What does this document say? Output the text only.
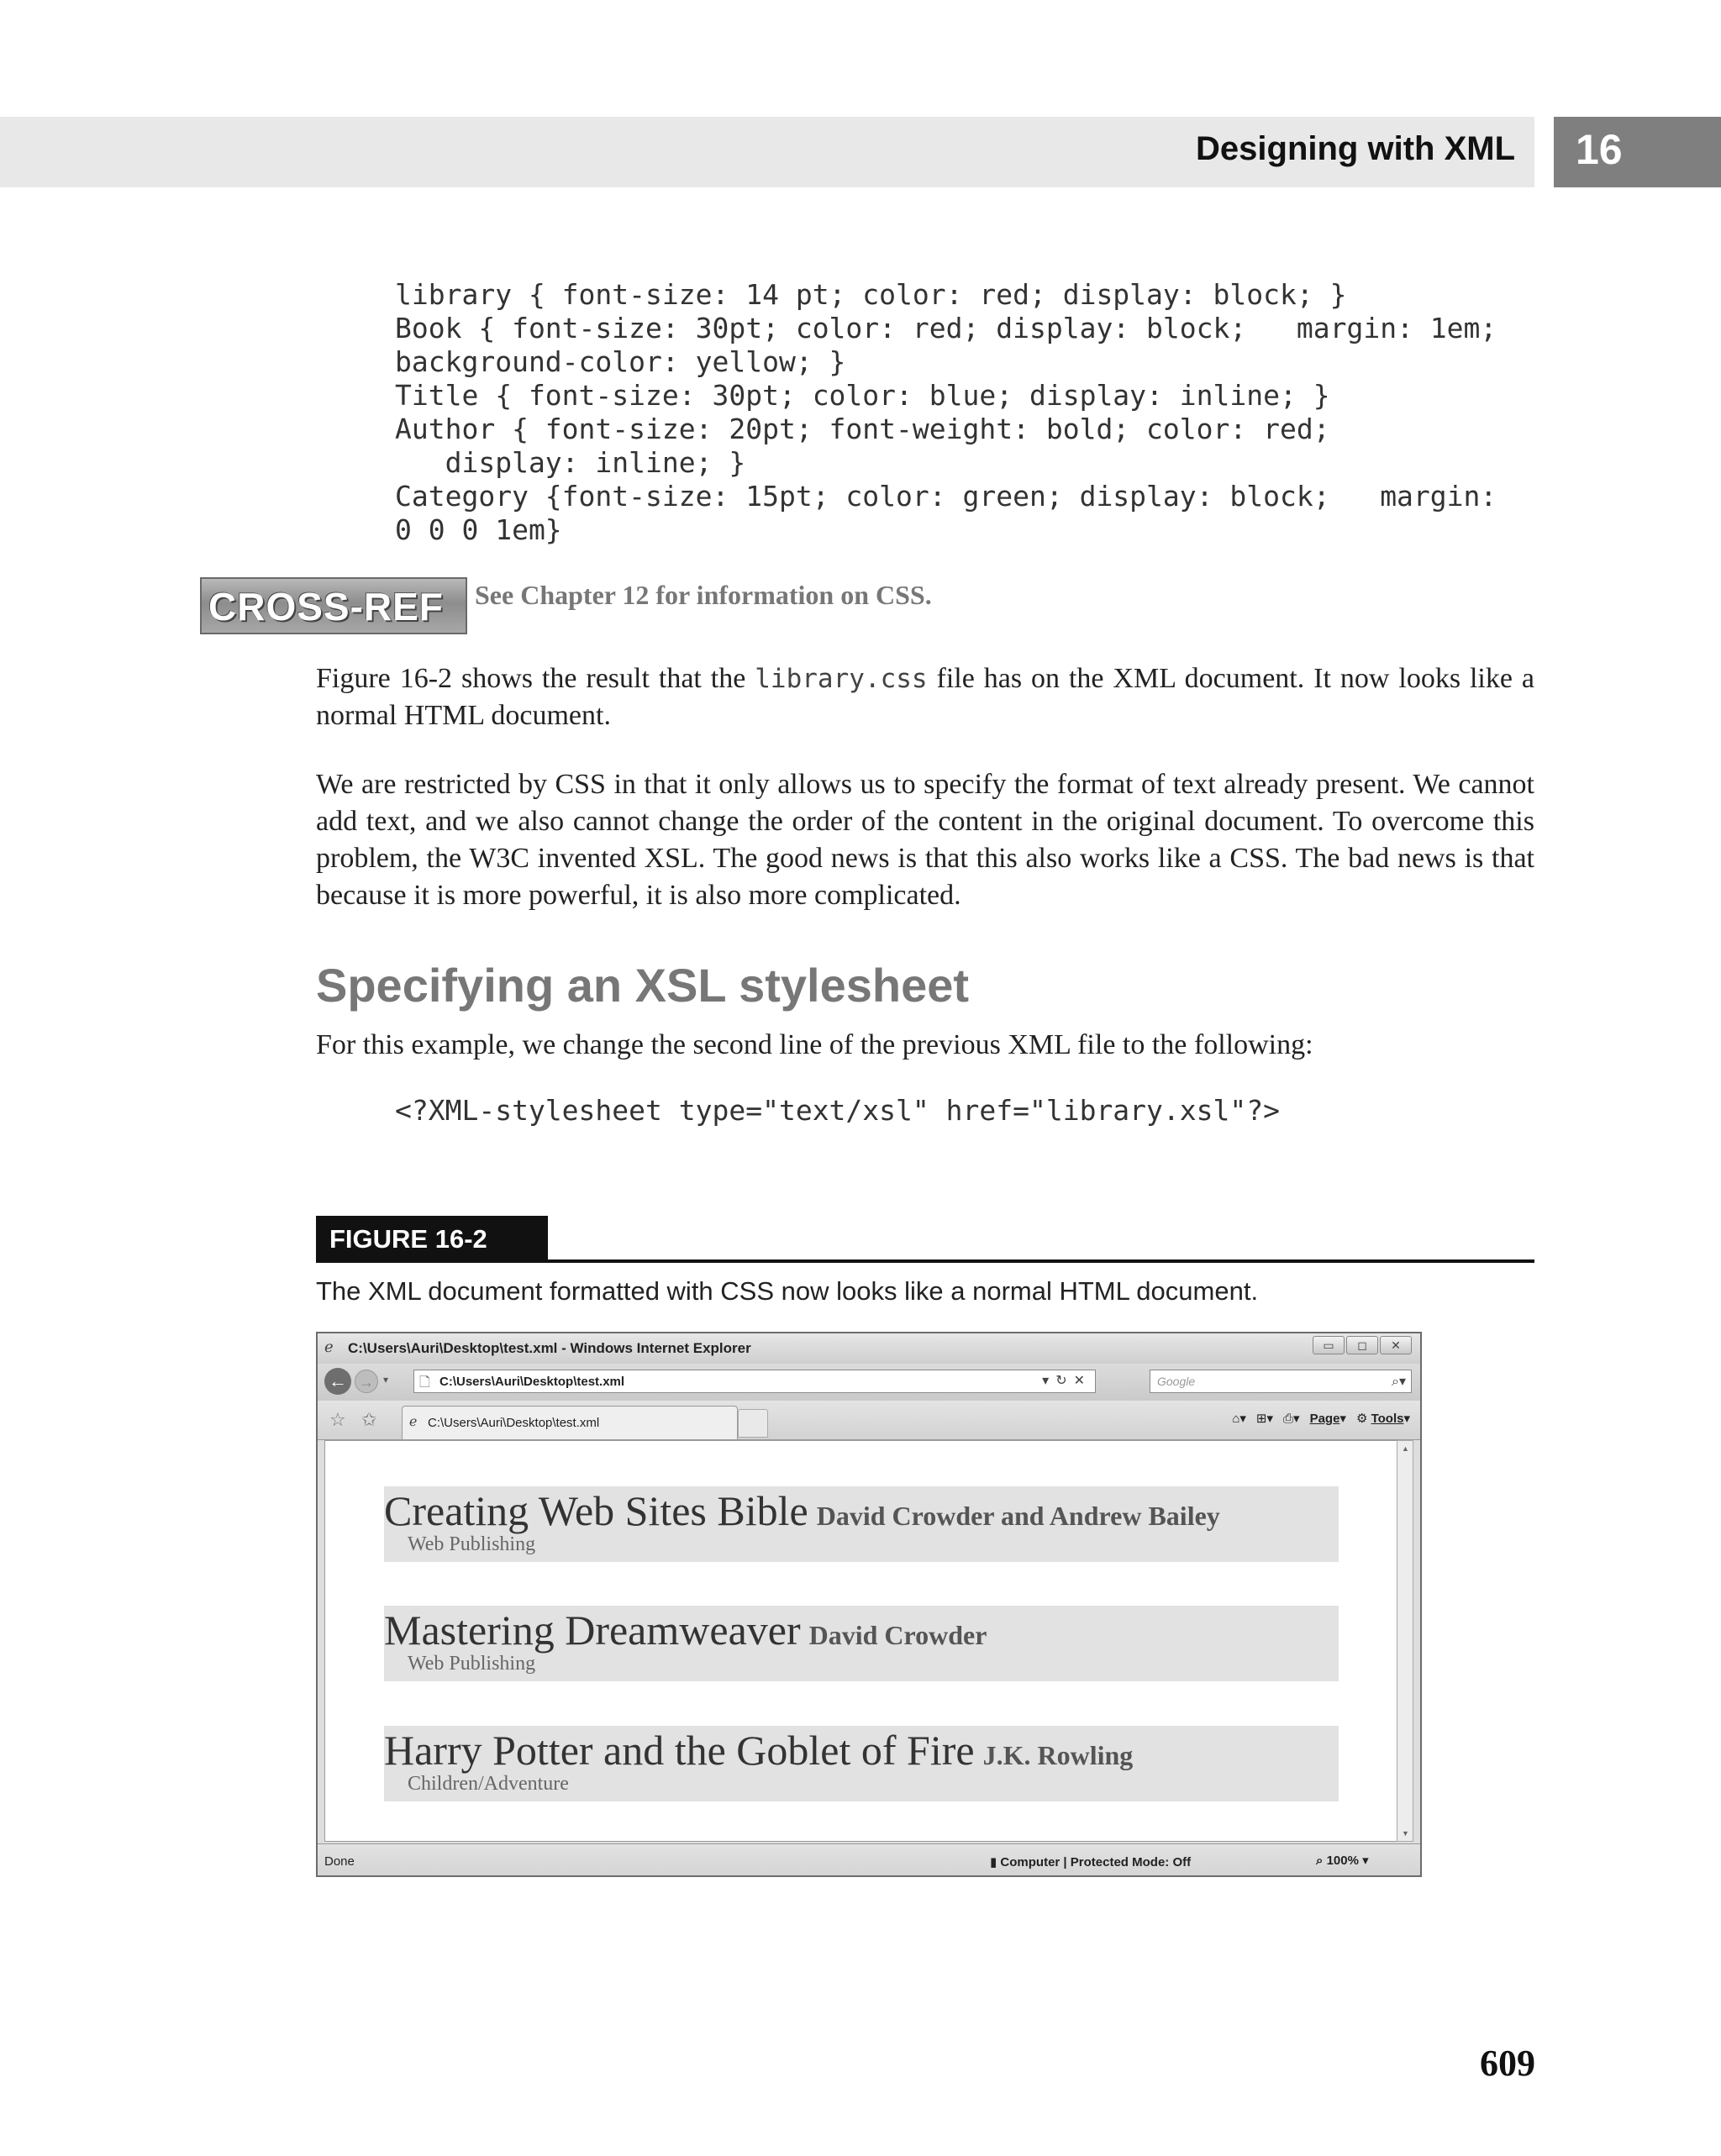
Designing with XML 16
library { font-size: 14 pt; color: red; display: block; }
Book { font-size: 30pt; color: red; display: block;   margin: 1em;
background-color: yellow; }
Title { font-size: 30pt; color: blue; display: inline; }
Author { font-size: 20pt; font-weight: bold; color: red;
display: inline; }
Category {font-size: 15pt; color: green; display: block;   margin:
0 0 0 1em}
CROSS-REF See Chapter 12 for information on CSS.

Figure 16-2 shows the result that the library.css file has on the XML document. It now looks like a normal HTML document.

We are restricted by CSS in that it only allows us to specify the format of text already present. We cannot add text, and we also cannot change the order of the content in the original document. To overcome this problem, the W3C invented XSL. The good news is that this also works like a CSS. The bad news is that because it is more powerful, it is also more complicated.

Specifying an XSL stylesheet

For this example, we change the second line of the previous XML file to the following:

<?XML-stylesheet type="text/xsl" href="library.xsl"?>
FIGURE 16-2
The XML document formatted with CSS now looks like a normal HTML document.
ℯ C:\Users\Auri\Desktop\test.xml - Windows Internet Explorer	▭	◻	✕
← → ▾ 🗋 C:\Users\Auri\Desktop\test.xml	▾↻✕	Google	⌕▾
☆ ✩ ℯ C:\Users\Auri\Desktop\test.xml	⌂▾ ⊞▾ ⎙▾ Page▾ ⚙ Tools▾
Creating Web Sites Bible David Crowder and Andrew Bailey
Web Publishing
Mastering Dreamweaver David Crowder
Web Publishing
Harry Potter and the Goblet of Fire J.K. Rowling
Children/Adventure
▲
▼
Done	▮ Computer | Protected Mode: Off	⌕ 100% ▾
609
